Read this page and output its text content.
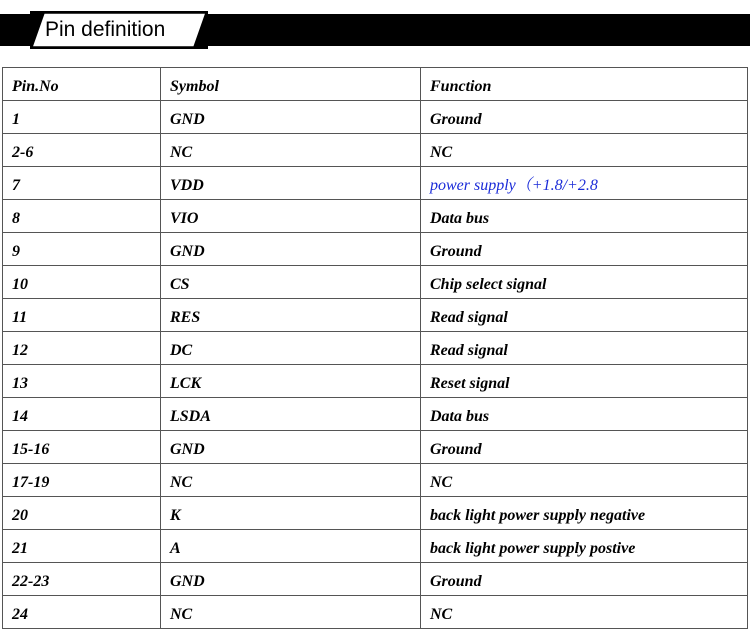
Pin definition
Pin.No	Symbol	Function
1	GND	Ground
2-6	NC	NC
7	VDD	power supply（+1.8/+2.8
8	VIO	Data bus
9	GND	Ground
10	CS	Chip select signal
11	RES	Read signal
12	DC	Read signal
13	LCK	Reset signal
14	LSDA	Data bus
15-16	GND	Ground
17-19	NC	NC
20	K	back light power supply negative
21	A	back light power supply postive
22-23	GND	Ground
24	NC	NC
